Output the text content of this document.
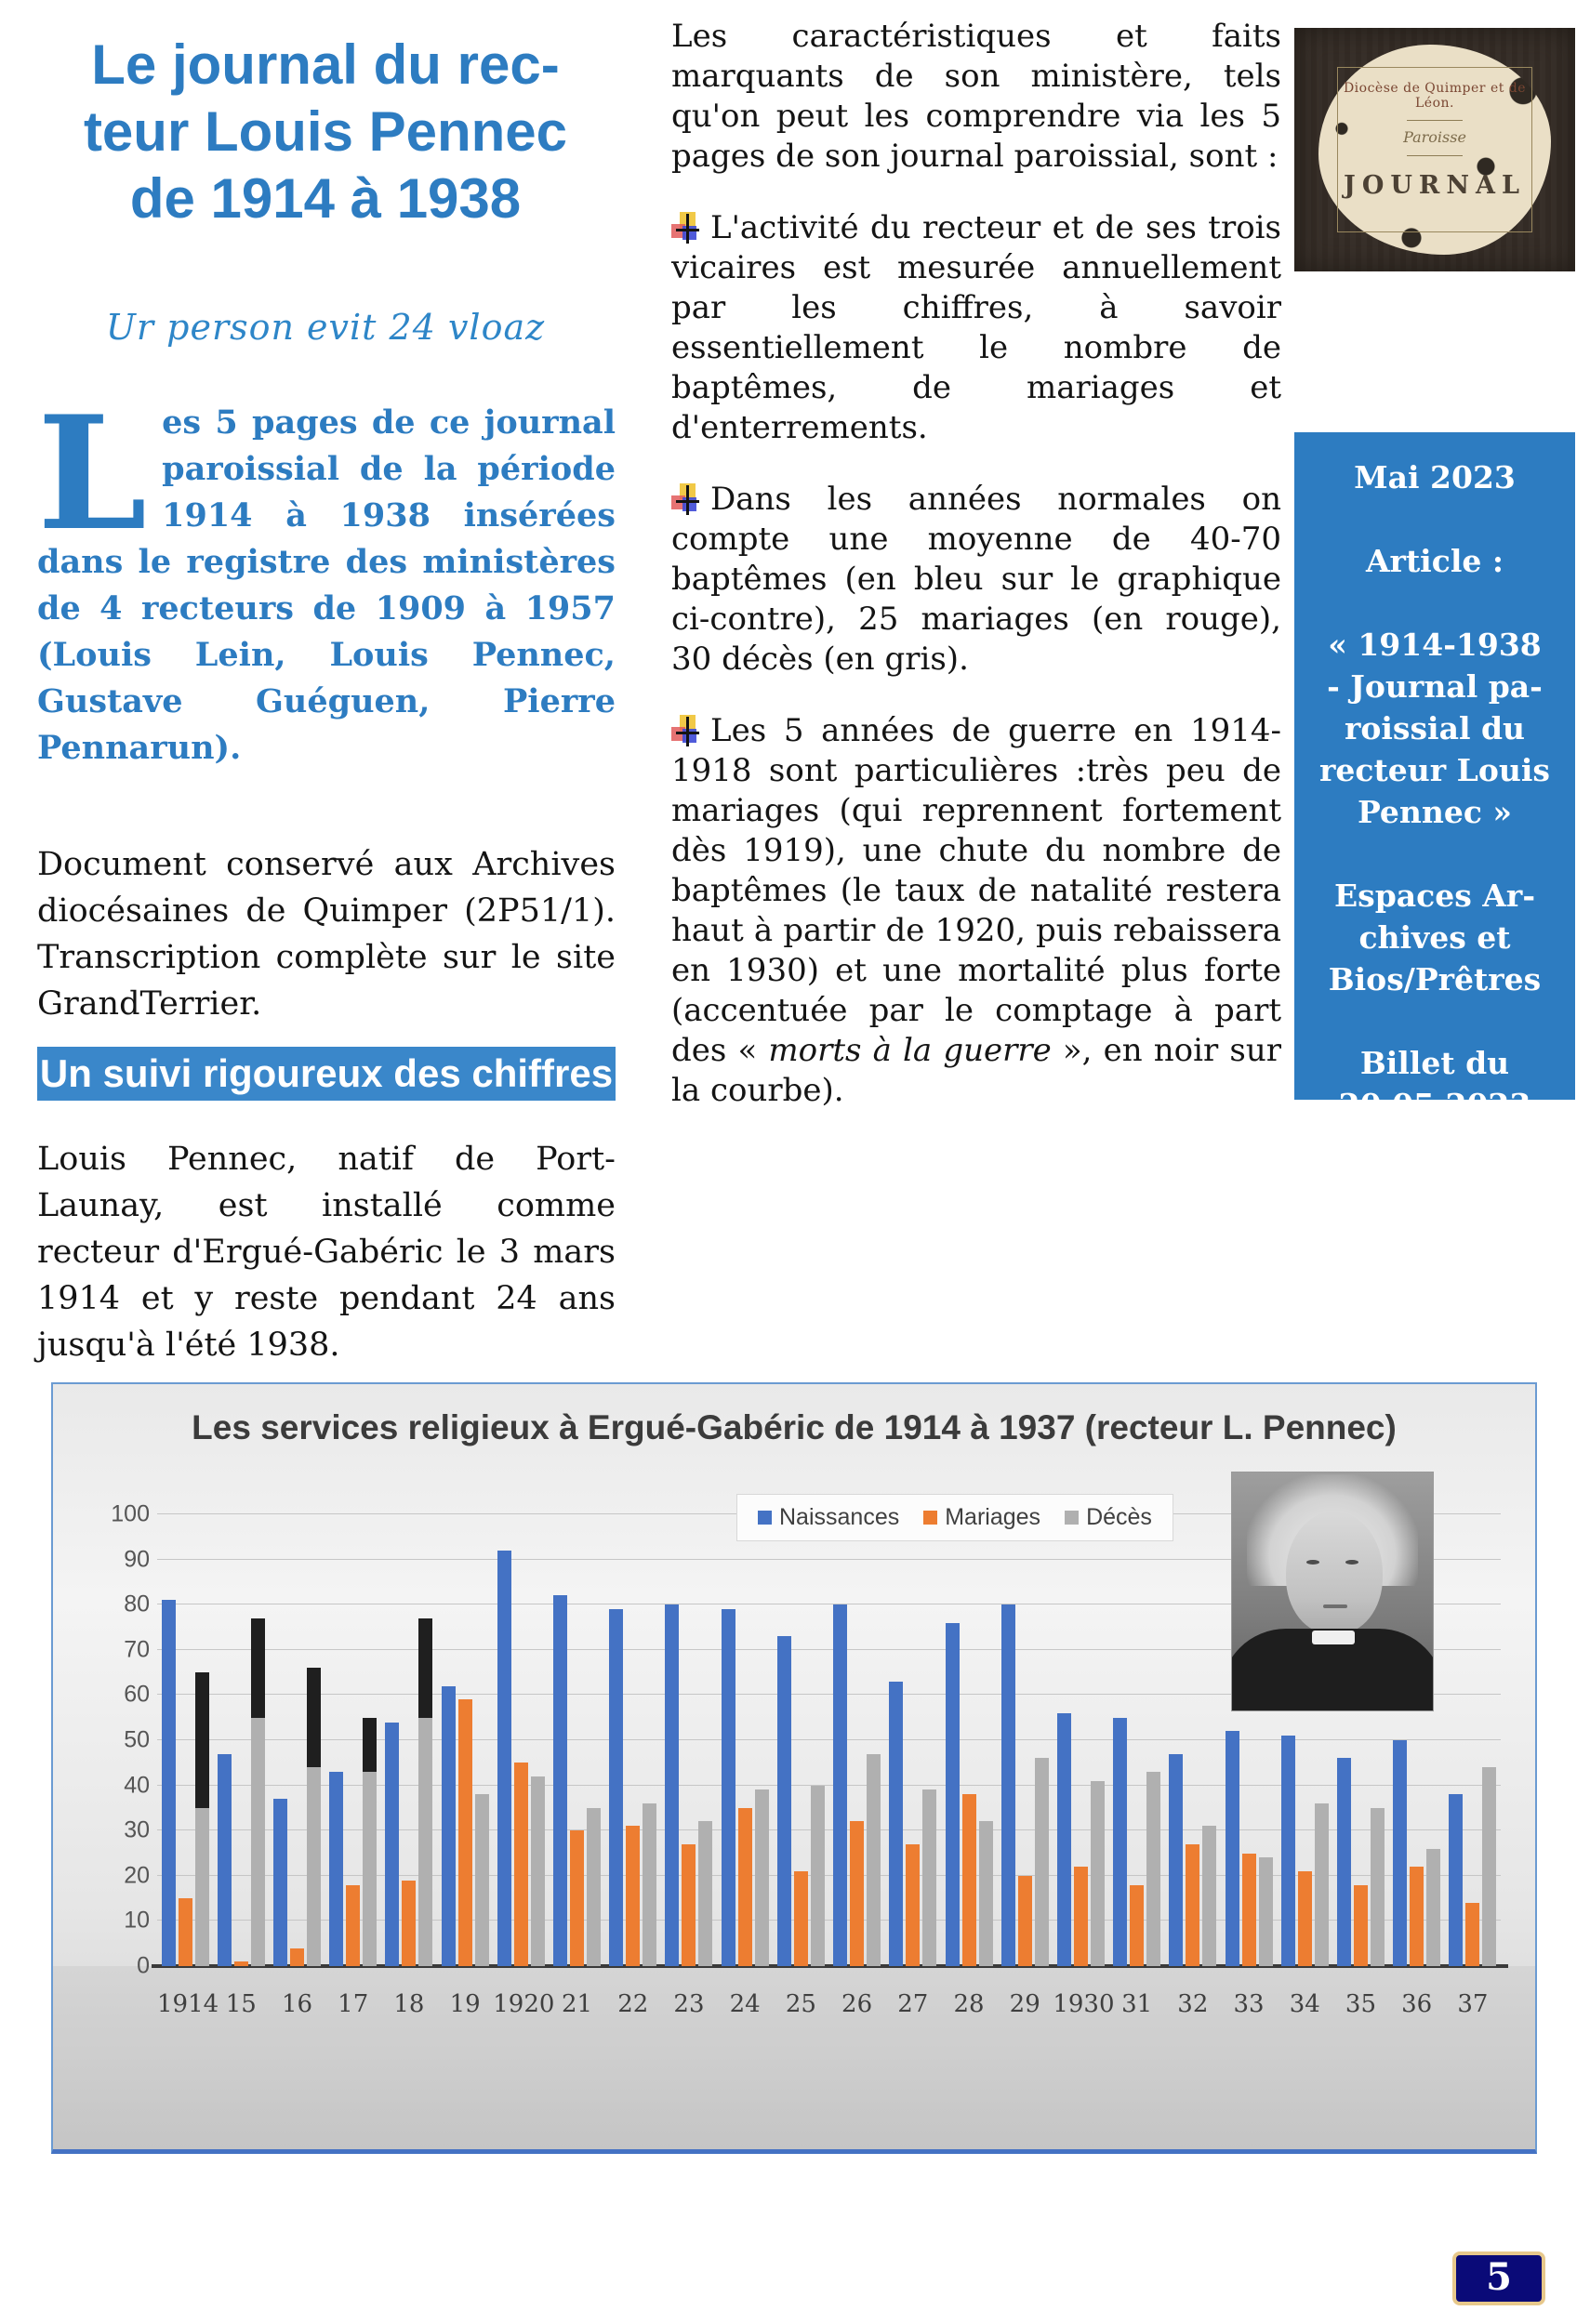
Le journal du rec-
teur Louis Pennec
de 1914 à 1938
Ur person evit 24 vloaz
Les 5 pages de ce journal paroissial de la période 1914 à 1938 insérées dans le registre des ministères de 4 recteurs de 1909 à 1957 (Louis Lein, Louis Pennec, Gustave Guéguen, Pierre Pennarun).
Document conservé aux Archives diocésaines de Quimper (2P51/1). Transcription complète sur le site GrandTerrier.
Un suivi rigoureux des chiffres
Louis Pennec, natif de Port-Launay, est installé comme recteur d'Ergué-Gabéric le 3 mars 1914 et y reste pendant 24 ans jusqu'à l'été 1938.

Les caractéristiques et faits marquants de son ministère, tels qu'on peut les comprendre via les 5 pages de son journal paroissial, sont :

L'activité du recteur et de ses trois vicaires est mesurée annuellement par les chiffres, à savoir essentiellement le nombre de baptêmes, de mariages et d'enterrements.

Dans les années normales on compte une moyenne de 40-70 baptêmes (en bleu sur le graphique ci-contre), 25 mariages (en rouge), 30 décès (en gris).

Les 5 années de guerre en 1914-1918 sont particulières :très peu de mariages (qui reprennent fortement dès 1919), une chute du nombre de baptêmes (le taux de natalité restera haut à partir de 1920, puis rebaissera en 1930) et une mortalité plus forte (accentuée par le comptage à part des « morts à la guerre », en noir sur la courbe).

Diocèse de Quimper et de Léon.
Paroisse
JOURNAL
Mai 2023
Article :
« 1914-1938
- Journal pa-
roissial du
recteur Louis
Pennec »
Espaces Ar-
chives et
Bios/Prêtres
Billet du
20.05.2023
Les services religieux à Ergué-Gabéric de 1914 à 1937 (recteur L. Pennec)
0
10
20
30
40
50
60
70
80
90
100
1914 15	16	17	18	19 1920 21	22	23	24	25	26	27	28	29 1930 31	32	33	34	35	36	37
Naissances Mariages Décès
5
